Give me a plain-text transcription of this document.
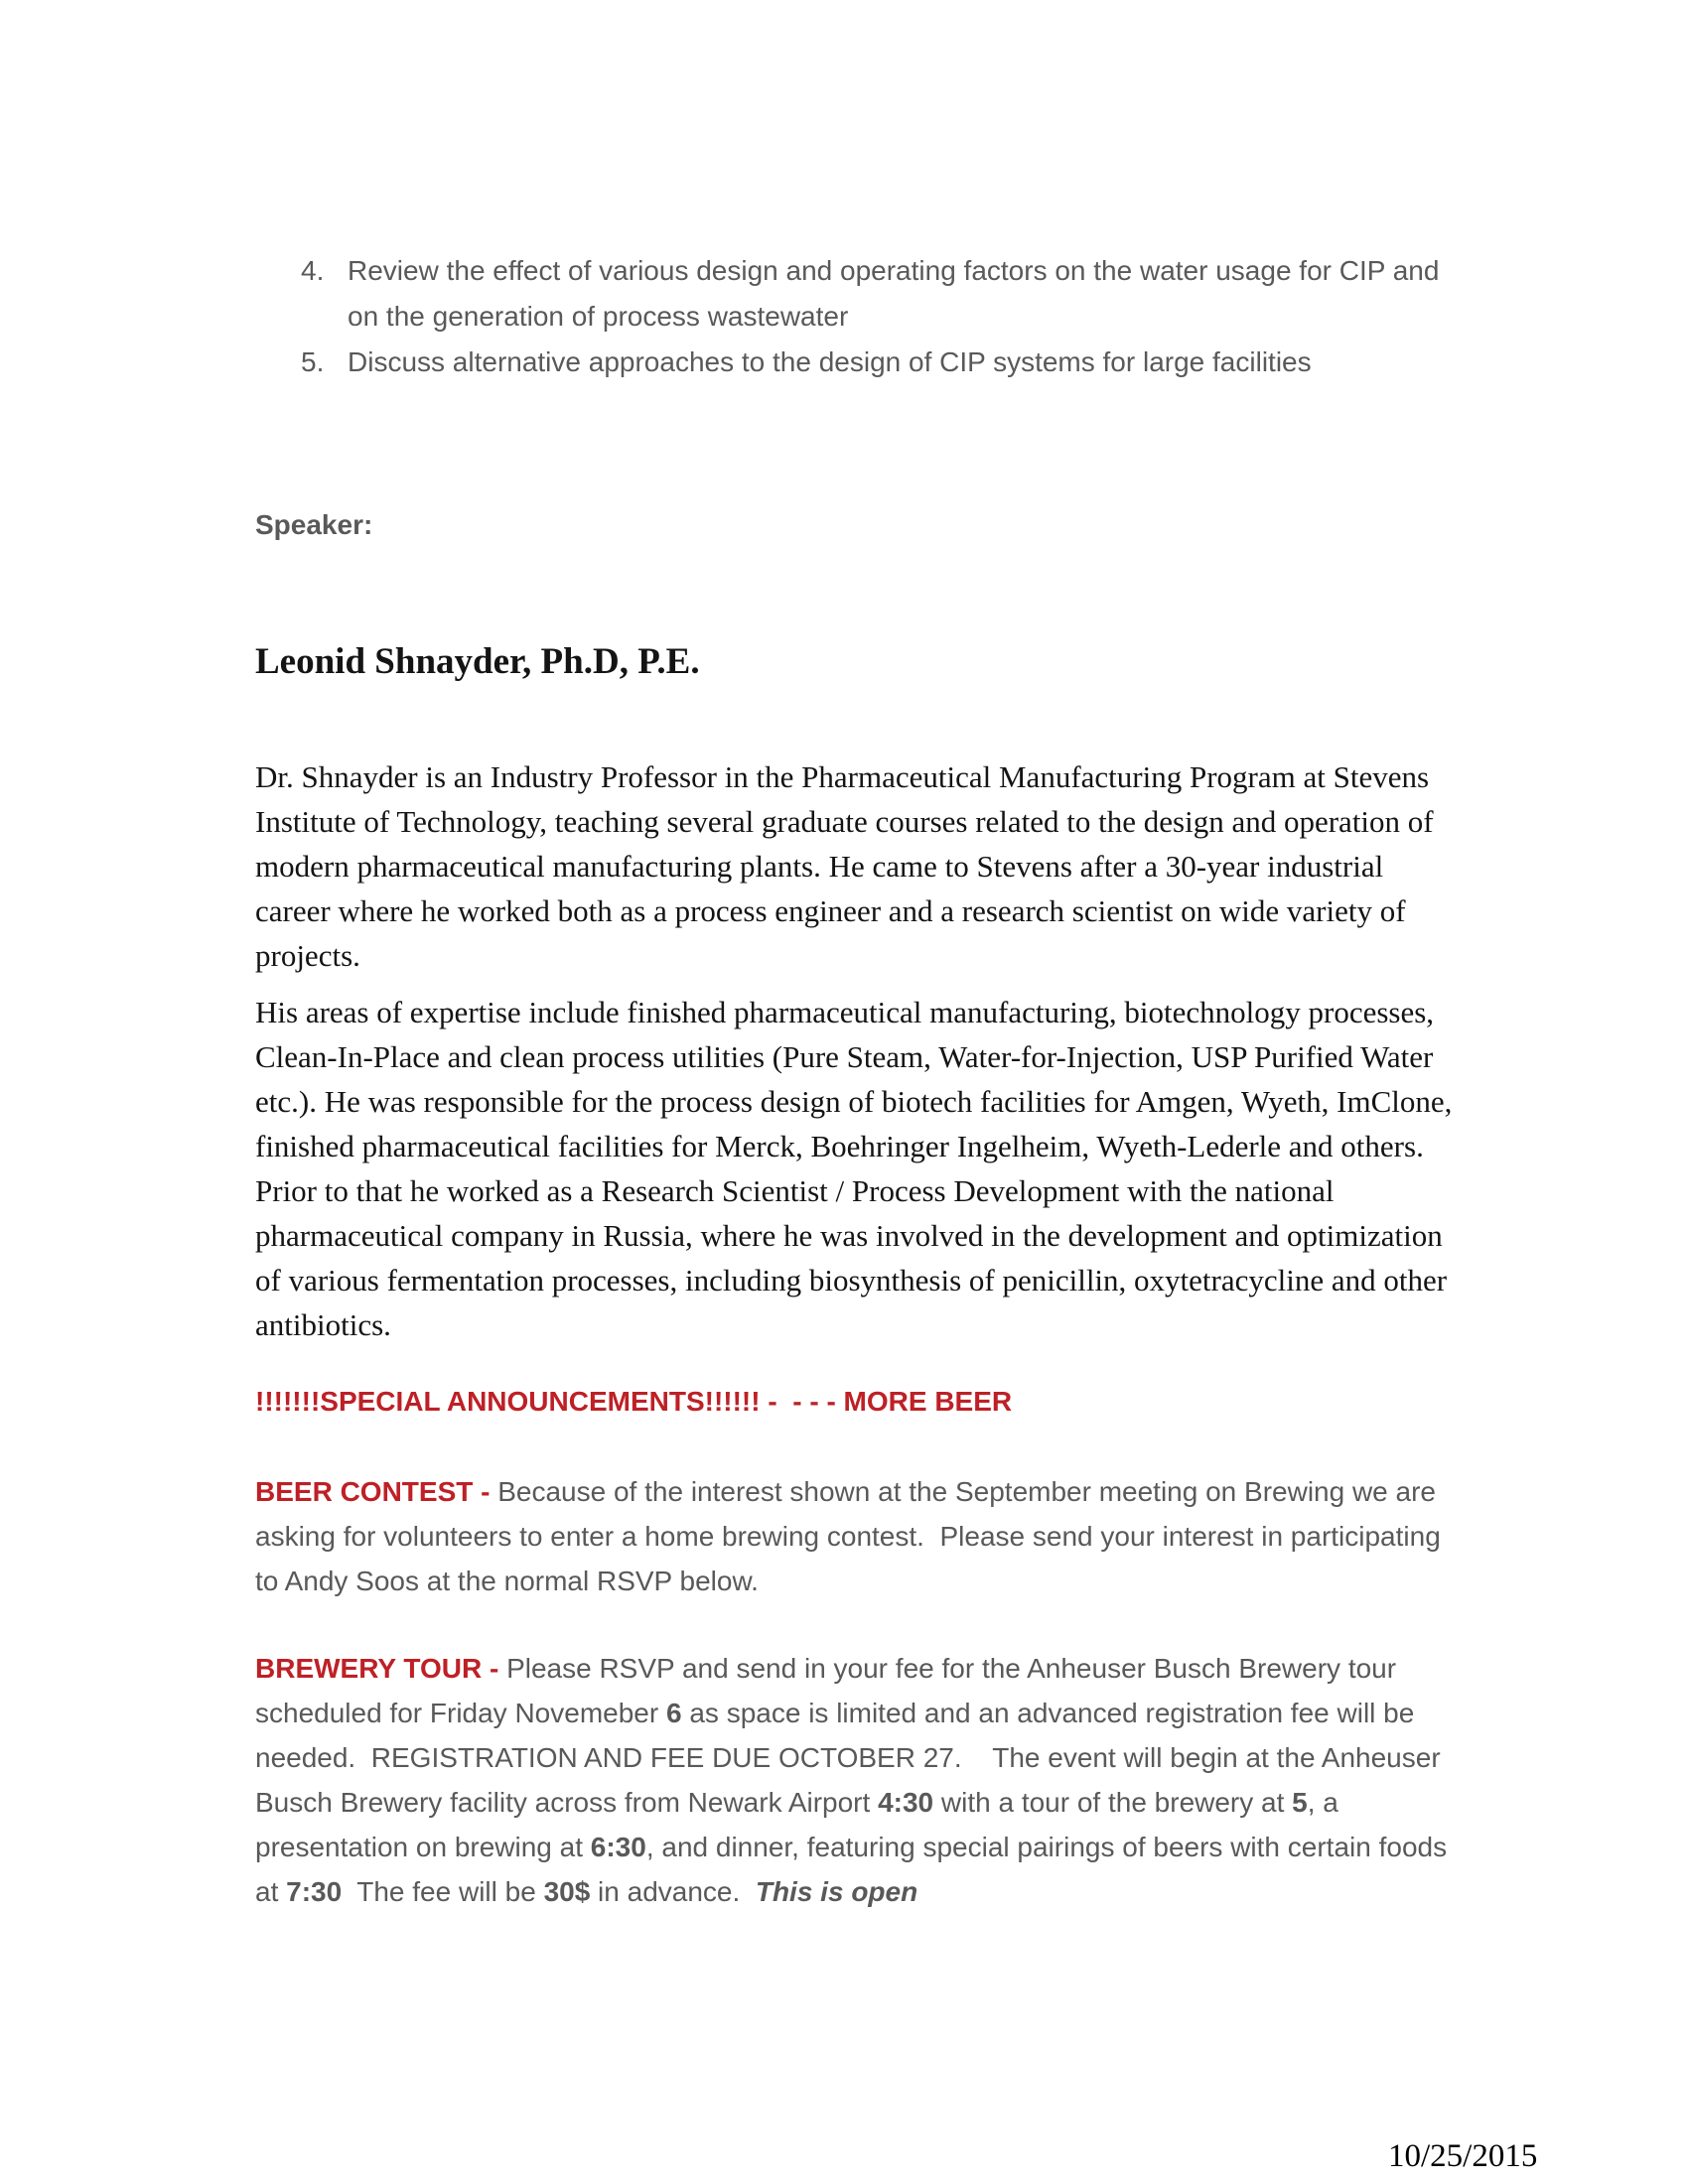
4. Review the effect of various design and operating factors on the water usage for CIP and on the generation of process wastewater
5. Discuss alternative approaches to the design of CIP systems for large facilities
Speaker:
Leonid Shnayder, Ph.D, P.E.

Dr. Shnayder is an Industry Professor in the Pharmaceutical Manufacturing Program at Stevens Institute of Technology, teaching several graduate courses related to the design and operation of modern pharmaceutical manufacturing plants. He came to Stevens after a 30-year industrial career where he worked both as a process engineer and a research scientist on wide variety of projects.

His areas of expertise include finished pharmaceutical manufacturing, biotechnology processes, Clean-In-Place and clean process utilities (Pure Steam, Water-for-Injection, USP Purified Water etc.). He was responsible for the process design of biotech facilities for Amgen, Wyeth, ImClone, finished pharmaceutical facilities for Merck, Boehringer Ingelheim, Wyeth-Lederle and others. Prior to that he worked as a Research Scientist / Process Development with the national pharmaceutical company in Russia, where he was involved in the development and optimization of various fermentation processes, including biosynthesis of penicillin, oxytetracycline and other antibiotics.

!!!!!!!SPECIAL ANNOUNCEMENTS!!!!!! -  - - - MORE BEER

BEER CONTEST - Because of the interest shown at the September meeting on Brewing we are asking for volunteers to enter a home brewing contest.  Please send your interest in participating to Andy Soos at the normal RSVP below.

BREWERY TOUR - Please RSVP and send in your fee for the Anheuser Busch Brewery tour scheduled for Friday Novemeber 6 as space is limited and an advanced registration fee will be needed.  REGISTRATION AND FEE DUE OCTOBER 27.    The event will begin at the Anheuser Busch Brewery facility across from Newark Airport 4:30 with a tour of the brewery at 5, a presentation on brewing at 6:30, and dinner, featuring special pairings of beers with certain foods  at 7:30  The fee will be 30$ in advance.  This is open

10/25/2015
